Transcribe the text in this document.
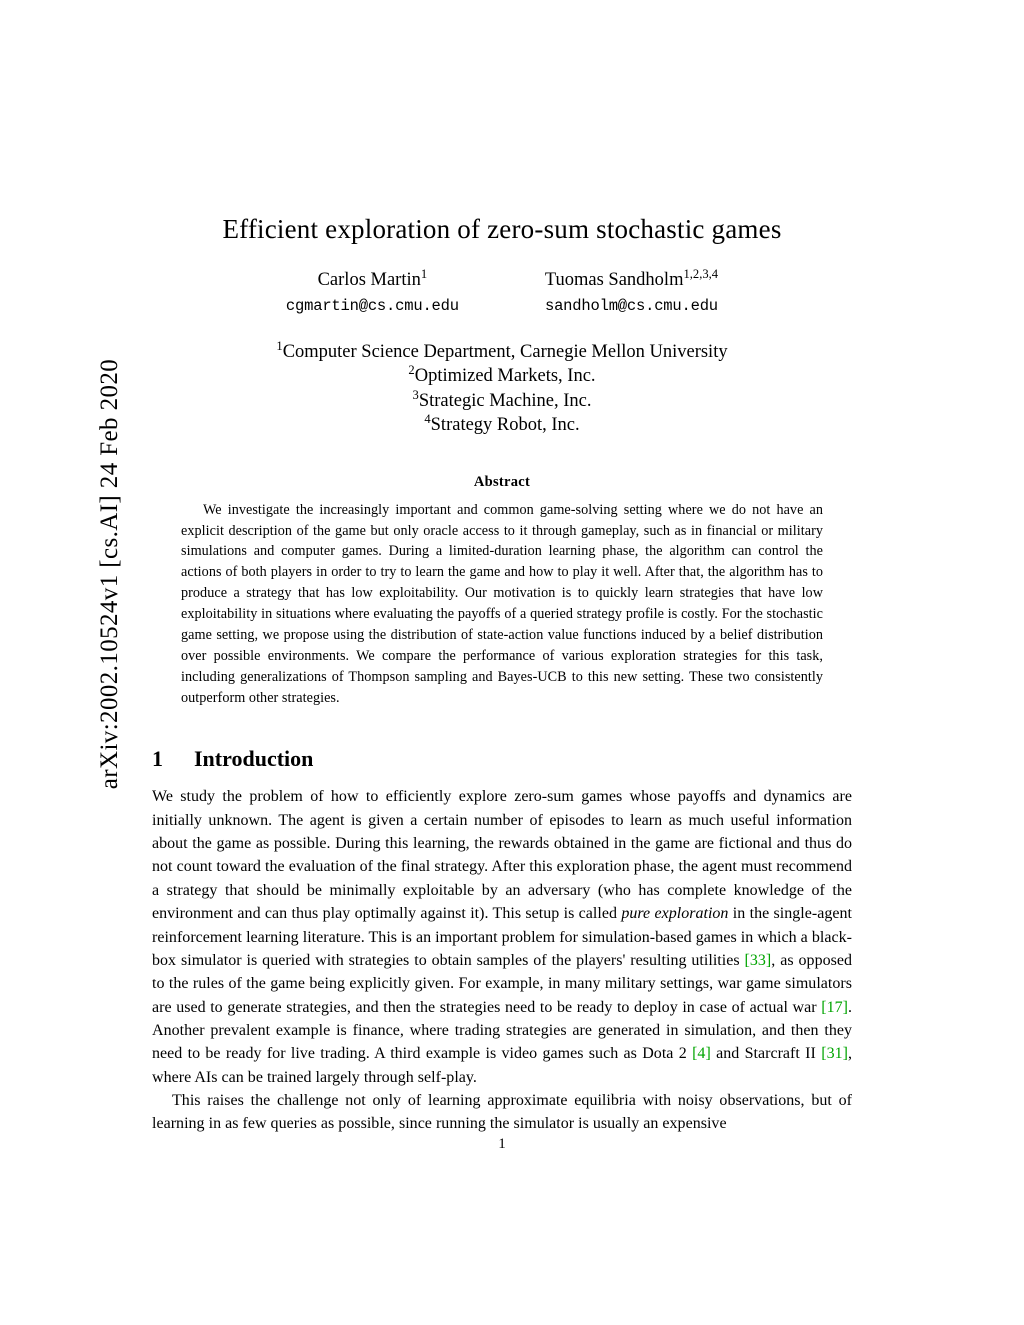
arXiv:2002.10524v1 [cs.AI] 24 Feb 2020
Efficient exploration of zero-sum stochastic games
Carlos Martin$^1$
cgmartin@cs.cmu.edu
Tuomas Sandholm$^{1,2,3,4}$
sandholm@cs.cmu.edu
$^1$Computer Science Department, Carnegie Mellon University
$^2$Optimized Markets, Inc.
$^3$Strategic Machine, Inc.
$^4$Strategy Robot, Inc.
Abstract
We investigate the increasingly important and common game-solving setting where we do not have an explicit description of the game but only oracle access to it through gameplay, such as in financial or military simulations and computer games. During a limited-duration learning phase, the algorithm can control the actions of both players in order to try to learn the game and how to play it well. After that, the algorithm has to produce a strategy that has low exploitability. Our motivation is to quickly learn strategies that have low exploitability in situations where evaluating the payoffs of a queried strategy profile is costly. For the stochastic game setting, we propose using the distribution of state-action value functions induced by a belief distribution over possible environments. We compare the performance of various exploration strategies for this task, including generalizations of Thompson sampling and Bayes-UCB to this new setting. These two consistently outperform other strategies.
1 Introduction

We study the problem of how to efficiently explore zero-sum games whose payoffs and dynamics are initially unknown. The agent is given a certain number of episodes to learn as much useful information about the game as possible. During this learning, the rewards obtained in the game are fictional and thus do not count toward the evaluation of the final strategy. After this exploration phase, the agent must recommend a strategy that should be minimally exploitable by an adversary (who has complete knowledge of the environment and can thus play optimally against it). This setup is called pure exploration in the single-agent reinforcement learning literature. This is an important problem for simulation-based games in which a black-box simulator is queried with strategies to obtain samples of the players' resulting utilities [33], as opposed to the rules of the game being explicitly given. For example, in many military settings, war game simulators are used to generate strategies, and then the strategies need to be ready to deploy in case of actual war [17]. Another prevalent example is finance, where trading strategies are generated in simulation, and then they need to be ready for live trading. A third example is video games such as Dota 2 [4] and Starcraft II [31], where AIs can be trained largely through self-play.

This raises the challenge not only of learning approximate equilibria with noisy observations, but of learning in as few queries as possible, since running the simulator is usually an expensive

1
